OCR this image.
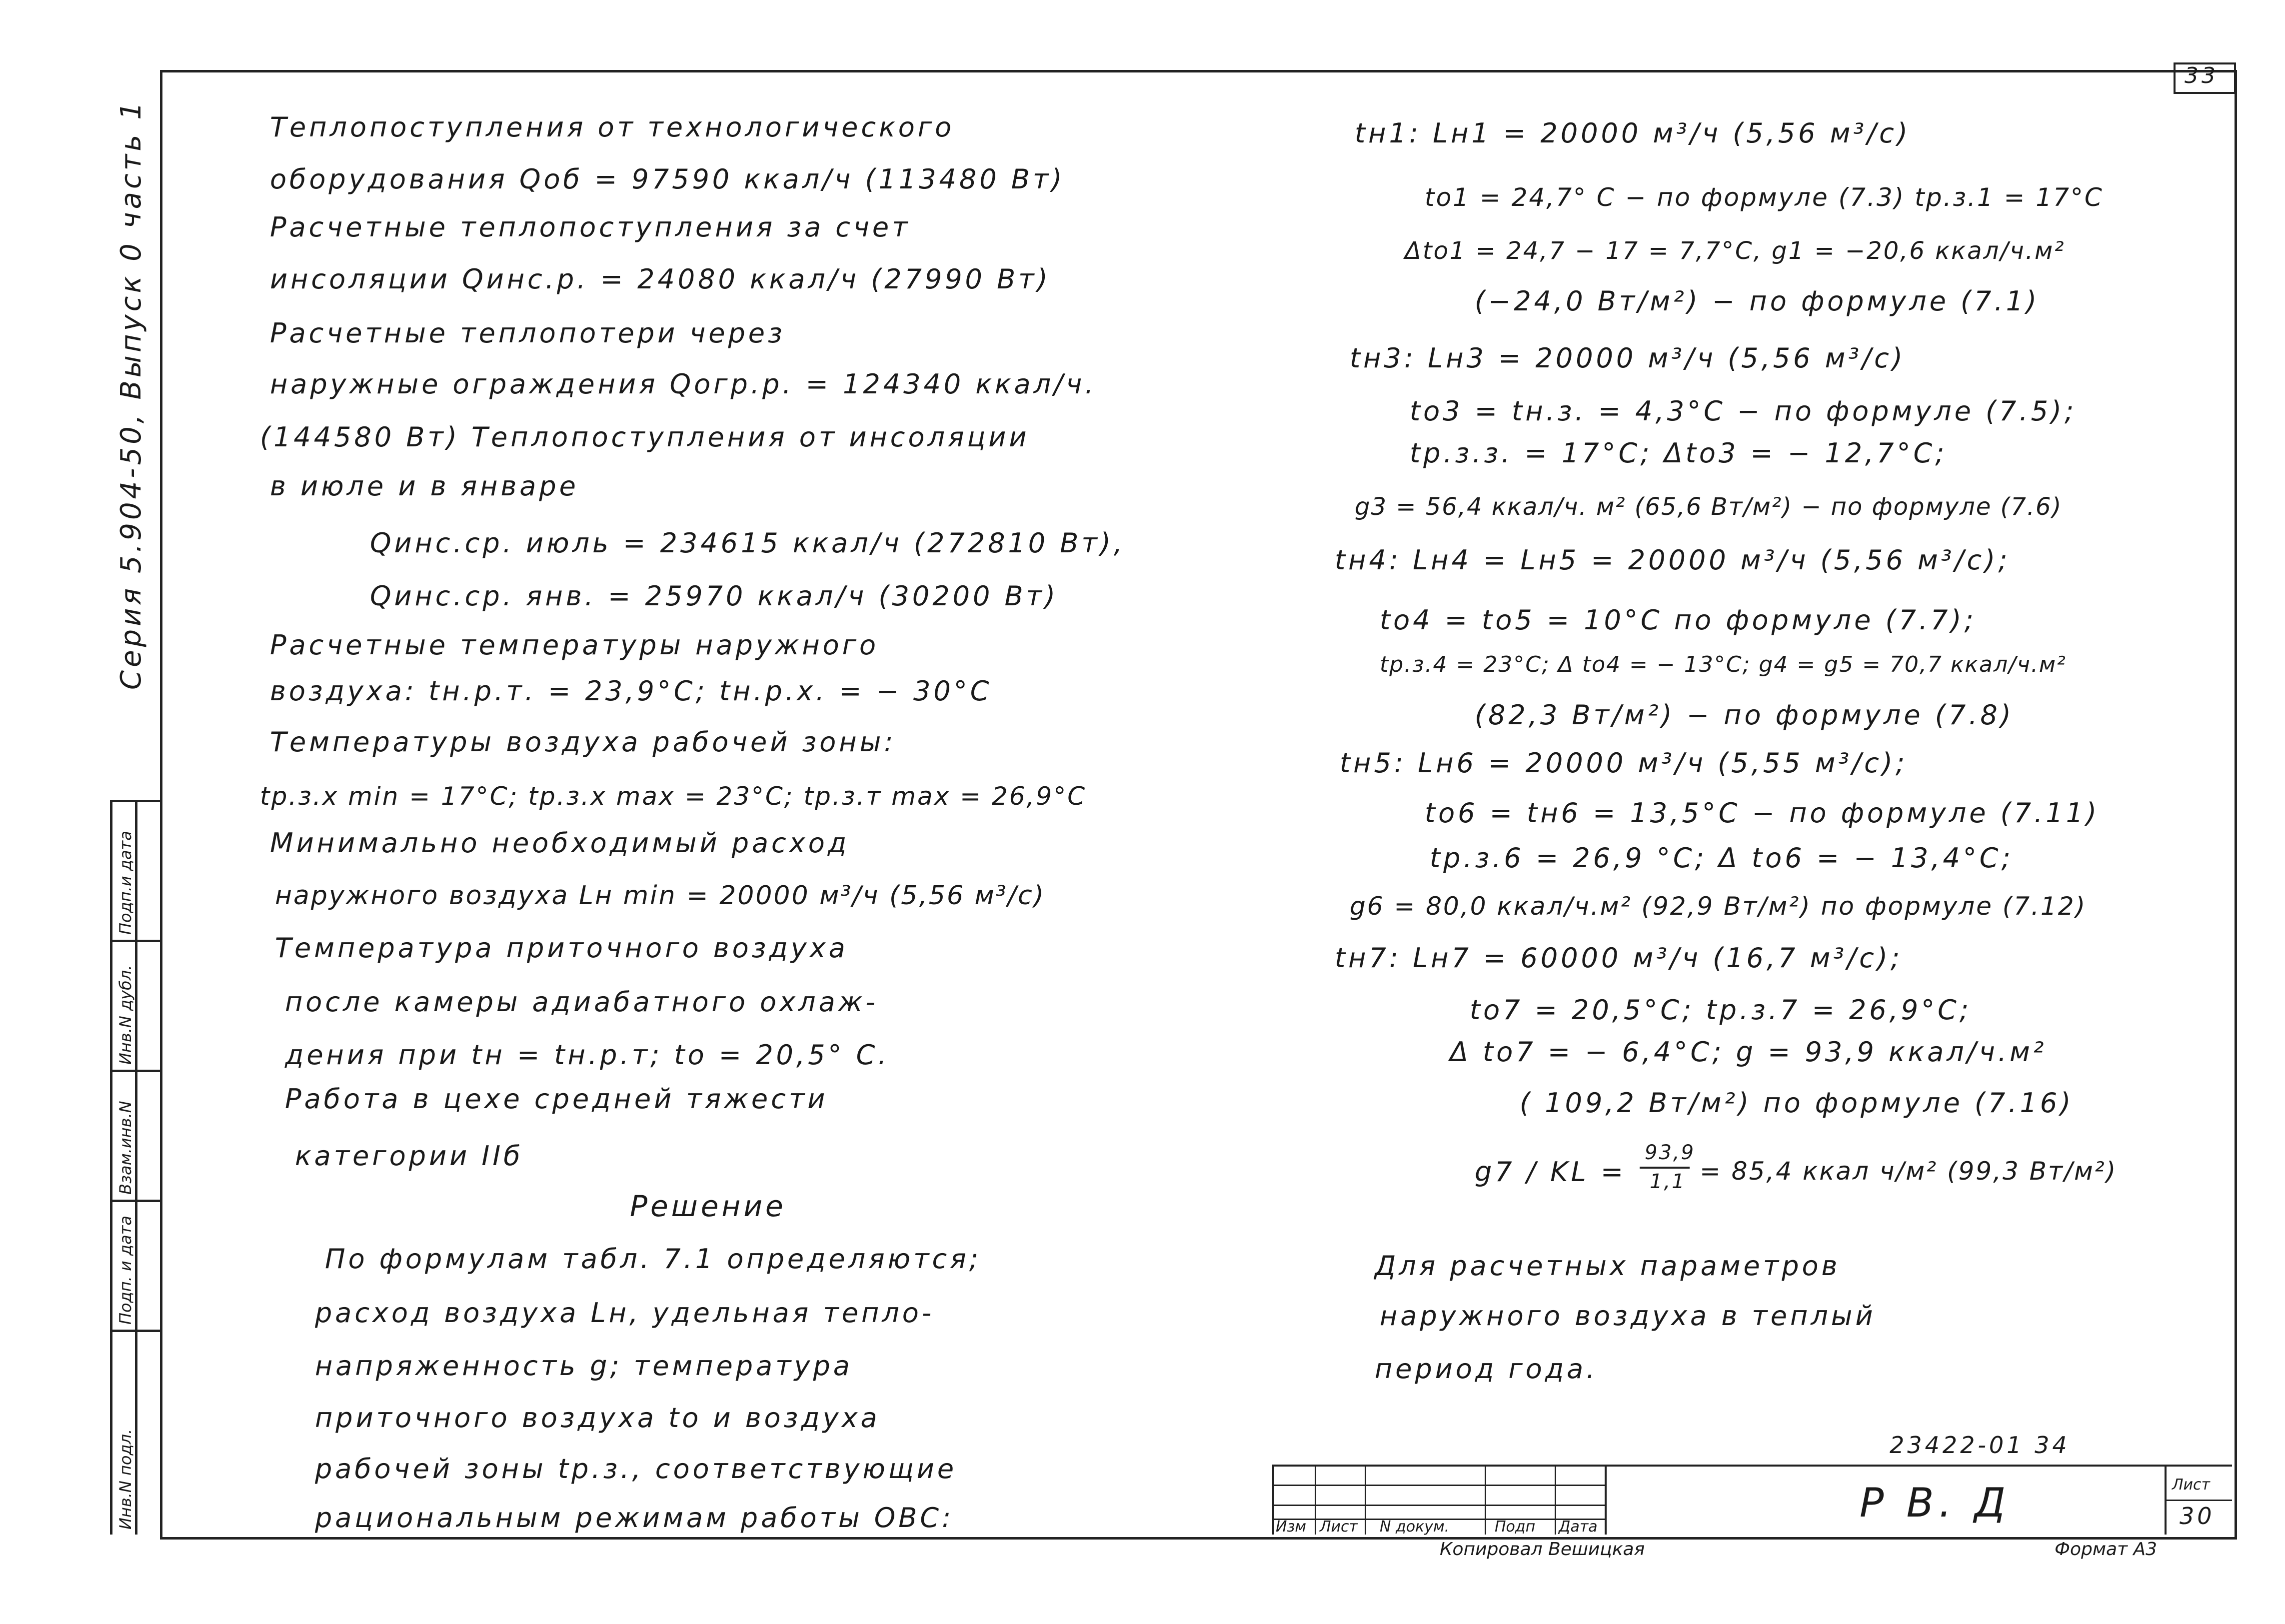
33
Инв.N подл.
Подп. и дата
Взам.инв.N
Инв.N дубл.
Подп.и дата
Серия 5.904-50, Выпуск 0 часть 1	Теплопоступления от технологического
оборудования Qоб = 97590 ккал/ч (113480 Вт)
Расчетные теплопоступления за счет
инсоляции Qинс.р. = 24080 ккал/ч (27990 Вт)
Расчетные теплопотери через
наружные ограждения Qогр.р. = 124340 ккал/ч.
(144580 Вт) Теплопоступления от инсоляции
в июле и в январе
Qинс.ср. июль = 234615 ккал/ч (272810 Вт),
Qинс.ср. янв. = 25970 ккал/ч (30200 Вт)
Расчетные температуры наружного
воздуха: tн.р.т. = 23,9°С; tн.р.х. = − 30°С
Температуры воздуха рабочей зоны:
tр.з.х min = 17°С; tр.з.х max = 23°С; tр.з.т max = 26,9°С
Минимально необходимый расход
наружного воздуха Lн min = 20000 м³/ч (5,56 м³/с)
Температура приточного воздуха
после камеры адиабатного охлаж-
дения при tн = tн.р.т; tо = 20,5° С.
Работа в цехе средней тяжести
категории IIб
Решение
По формулам табл. 7.1 определяются;
расход воздуха Lн, удельная тепло-
напряженность g; температура
приточного воздуха tо и воздуха
рабочей зоны tр.з., соответствующие
рациональным режимам работы ОВС:
tн1: Lн1 = 20000 м³/ч (5,56 м³/с)
tо1 = 24,7° С − по формуле (7.3) tр.з.1 = 17°С
Δtо1 = 24,7 − 17 = 7,7°С, g1 = −20,6 ккал/ч.м²
(−24,0 Вт/м²) − по формуле (7.1)
tн3: Lн3 = 20000 м³/ч (5,56 м³/с)
tо3 = tн.з. = 4,3°С − по формуле (7.5);
tр.з.з. = 17°С; Δtо3 = − 12,7°С;
g3 = 56,4 ккал/ч. м² (65,6 Вт/м²) − по формуле (7.6)
tн4: Lн4 = Lн5 = 20000 м³/ч (5,56 м³/с);
tо4 = tо5 = 10°С по формуле (7.7);
tр.з.4 = 23°С; Δ tо4 = − 13°С; g4 = g5 = 70,7 ккал/ч.м²
(82,3 Вт/м²) − по формуле (7.8)
tн5: Lн6 = 20000 м³/ч (5,55 м³/с);
tо6 = tн6 = 13,5°С − по формуле (7.11)
tр.з.6 = 26,9 °С; Δ tо6 = − 13,4°С;
g6 = 80,0 ккал/ч.м² (92,9 Вт/м²) по формуле (7.12)
tн7: Lн7 = 60000 м³/ч (16,7 м³/с);
tо7 = 20,5°С; tр.з.7 = 26,9°С;
Δ tо7 = − 6,4°С; g = 93,9 ккал/ч.м²
( 109,2 Вт/м²) по формуле (7.16)
g7 / KL =
93,9
1,1 = 85,4 ккал ч/м² (99,3 Вт/м²)
Для расчетных параметров
наружного воздуха в теплый
период года.
23422-01 34
Изм Лист N докум.	Подп Дата
Р В. Д	Лист
30
Копировал Вешицкая	Формат А3
